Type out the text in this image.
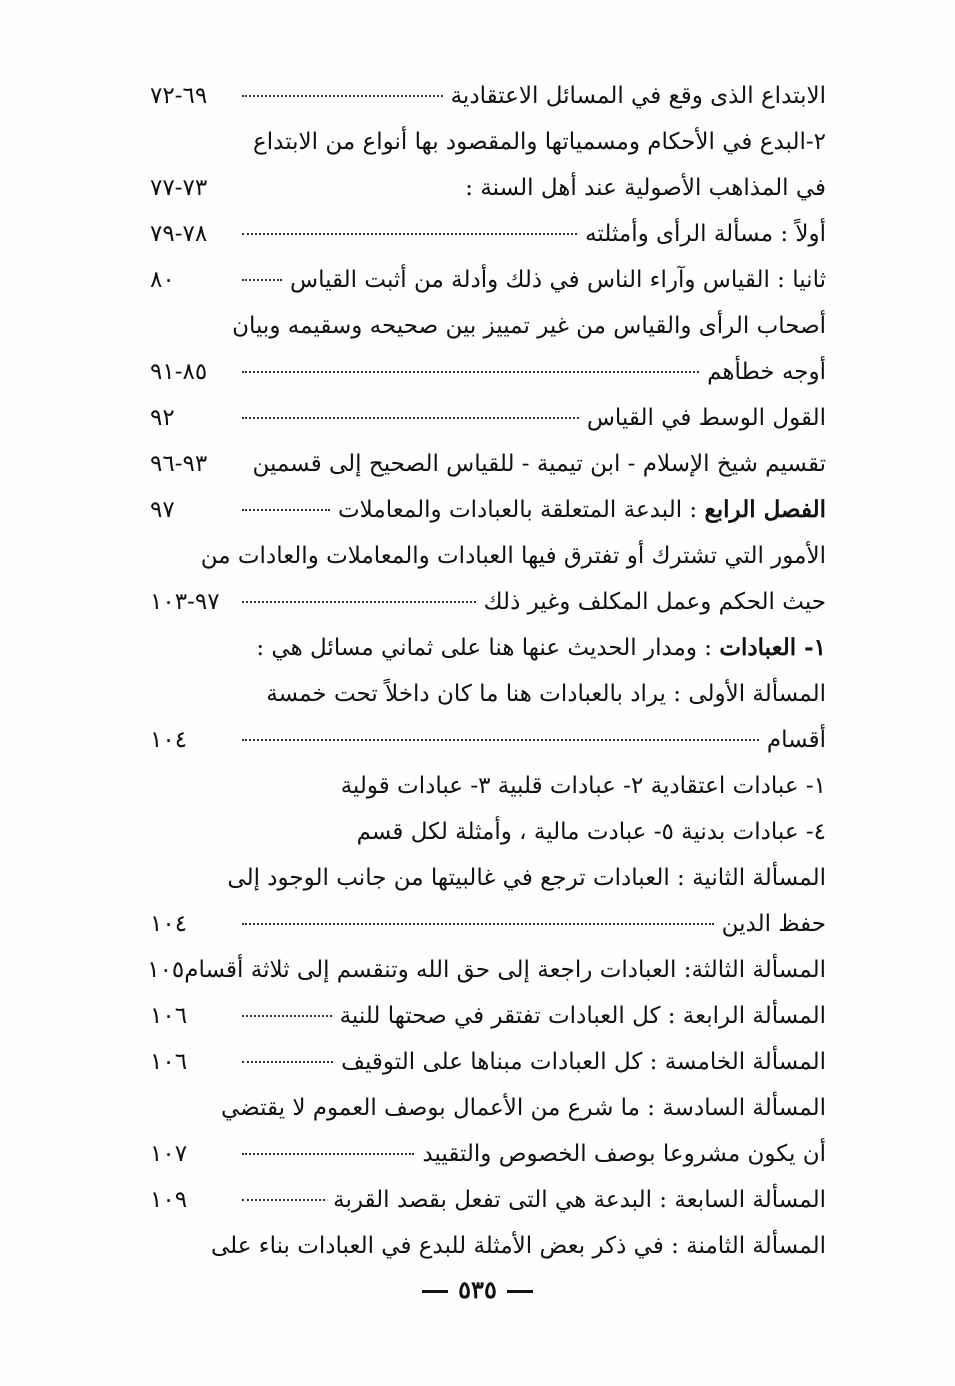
الابتداع الذى وقع في المسائل الاعتقادية
٦٩-٧٢
٢-البدع في الأحكام ومسمياتها والمقصود بها أنواع من الابتداع
في المذاهب الأصولية عند أهل السنة :
٧٣-٧٧
أولاً : مسألة الرأى وأمثلته
٧٨-٧٩
ثانيا : القياس وآراء الناس في ذلك وأدلة من أثبت القياس
٨٠
أصحاب الرأى والقياس من غير تمييز بين صحيحه وسقيمه وبيان
أوجه خطأهم
٨٥-٩١
القول الوسط في القياس
٩٢
تقسيم شيخ الإسلام - ابن تيمية - للقياس الصحيح إلى قسمين
٩٣-٩٦
الفصل الرابع : البدعة المتعلقة بالعبادات والمعاملات
٩٧
الأمور التي تشترك أو تفترق فيها العبادات والمعاملات والعادات من
حيث الحكم وعمل المكلف وغير ذلك
٩٧-١٠٣
١- العبادات : ومدار الحديث عنها هنا على ثماني مسائل هي :
المسألة الأولى : يراد بالعبادات هنا ما كان داخلاً تحت خمسة
أقسام
١٠٤
١- عبادات اعتقادية ٢- عبادات قلبية ٣- عبادات قولية
٤- عبادات بدنية ٥- عبادت مالية ، وأمثلة لكل قسم
المسألة الثانية : العبادات ترجع في غالبيتها من جانب الوجود إلى
حفظ الدين
١٠٤
المسألة الثالثة: العبادات راجعة إلى حق الله وتنقسم إلى ثلاثة أقسام
١٠٥
المسألة الرابعة : كل العبادات تفتقر في صحتها للنية
١٠٦
المسألة الخامسة : كل العبادات مبناها على التوقيف
١٠٦
المسألة السادسة : ما شرع من الأعمال بوصف العموم لا يقتضي
أن يكون مشروعا بوصف الخصوص والتقييد
١٠٧
المسألة السابعة : البدعة هي التى تفعل بقصد القربة
١٠٩
المسألة الثامنة : في ذكر بعض الأمثلة للبدع في العبادات بناء على
٥٣٥
